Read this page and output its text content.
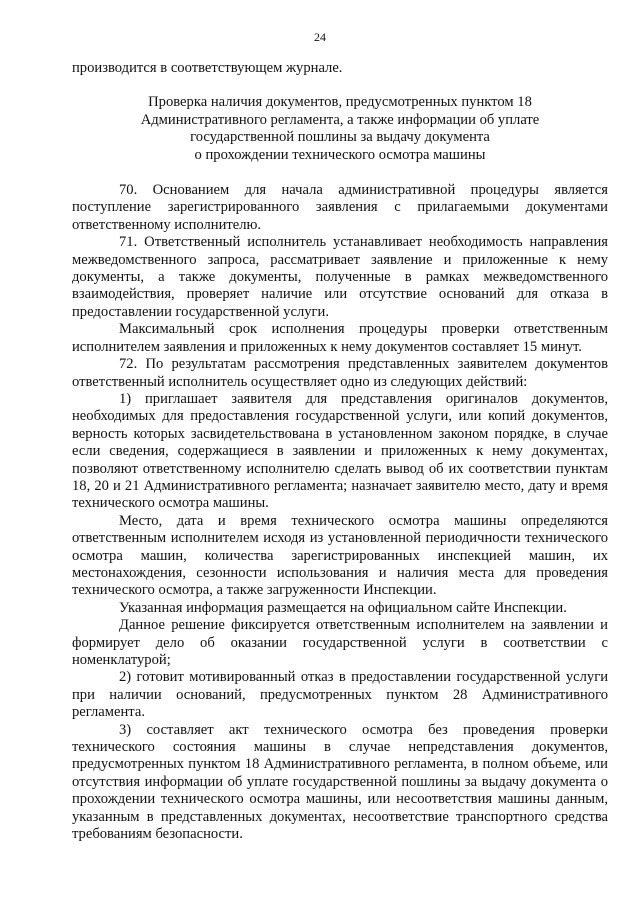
24

производится в соответствующем журнале.

Проверка наличия документов, предусмотренных пунктом 18
Административного регламента, а также информации об уплате
государственной пошлины за выдачу документа
о прохождении технического осмотра машины

70. Основанием для начала административной процедуры является поступление зарегистрированного заявления с прилагаемыми документами ответственному исполнителю.

71. Ответственный исполнитель устанавливает необходимость направления межведомственного запроса, рассматривает заявление и приложенные к нему документы, а также документы, полученные в рамках межведомственного взаимодействия, проверяет наличие или отсутствие оснований для отказа в предоставлении государственной услуги.

Максимальный срок исполнения процедуры проверки ответственным исполнителем заявления и приложенных к нему документов составляет 15 минут.

72. По результатам рассмотрения представленных заявителем документов ответственный исполнитель осуществляет одно из следующих действий:

1) приглашает заявителя для представления оригиналов документов, необходимых для предоставления государственной услуги, или копий документов, верность которых засвидетельствована в установленном законом порядке, в случае если сведения, содержащиеся в заявлении и приложенных к нему документах, позволяют ответственному исполнителю сделать вывод об их соответствии пунктам 18, 20 и 21 Административного регламента; назначает заявителю место, дату и время технического осмотра машины.

Место, дата и время технического осмотра машины определяются ответственным исполнителем исходя из установленной периодичности технического осмотра машин, количества зарегистрированных инспекцией машин, их местонахождения, сезонности использования и наличия места для проведения технического осмотра, а также загруженности Инспекции.

Указанная информация размещается на официальном сайте Инспекции.

Данное решение фиксируется ответственным исполнителем на заявлении и формирует дело об оказании государственной услуги в соответствии с номенклатурой;

2) готовит мотивированный отказ в предоставлении государственной услуги при наличии оснований, предусмотренных пунктом 28 Административного регламента.

3) составляет акт технического осмотра без проведения проверки технического состояния машины в случае непредставления документов, предусмотренных пунктом 18 Административного регламента, в полном объеме, или отсутствия информации об уплате государственной пошлины за выдачу документа о прохождении технического осмотра машины, или несоответствия машины данным, указанным в представленных документах, несоответствие транспортного средства требованиям безопасности.
